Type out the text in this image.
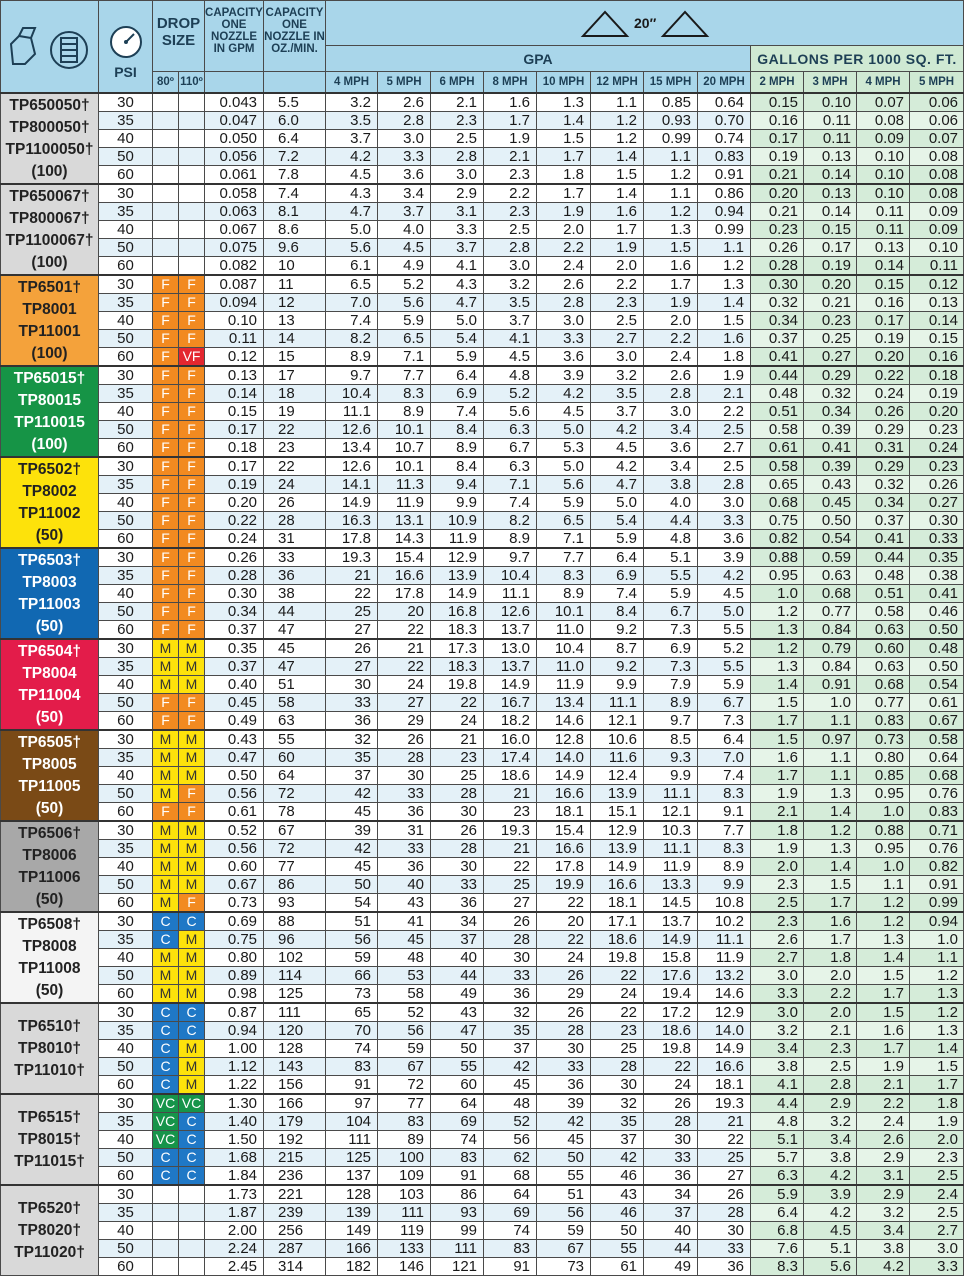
PSI	DROP SIZE		CAPACITY ONE NOZZLE IN GPM	CAPACITY ONE NOZZLE IN OZ./MIN.	20″											

						GPA								GALLONS PER 1000 SQ. FT.			
		80º	110º			4 MPH	5 MPH	6 MPH	8 MPH	10 MPH	12 MPH	15 MPH	20 MPH	2 MPH	3 MPH	4 MPH	5 MPH

TP650050†
TP800050†
TP1100050†
(100)	30			0.043	5.5	3.2	2.6	2.1	1.6	1.3	1.1	0.85	0.64	0.15	0.10	0.07	0.06
	35			0.047	6.0	3.5	2.8	2.3	1.7	1.4	1.2	0.93	0.70	0.16	0.11	0.08	0.06
	40			0.050	6.4	3.7	3.0	2.5	1.9	1.5	1.2	0.99	0.74	0.17	0.11	0.09	0.07
	50			0.056	7.2	4.2	3.3	2.8	2.1	1.7	1.4	1.1	0.83	0.19	0.13	0.10	0.08
	60			0.061	7.8	4.5	3.6	3.0	2.3	1.8	1.5	1.2	0.91	0.21	0.14	0.10	0.08

TP650067†
TP800067†
TP1100067†
(100)	30			0.058	7.4	4.3	3.4	2.9	2.2	1.7	1.4	1.1	0.86	0.20	0.13	0.10	0.08
	35			0.063	8.1	4.7	3.7	3.1	2.3	1.9	1.6	1.2	0.94	0.21	0.14	0.11	0.09
	40			0.067	8.6	5.0	4.0	3.3	2.5	2.0	1.7	1.3	0.99	0.23	0.15	0.11	0.09
	50			0.075	9.6	5.6	4.5	3.7	2.8	2.2	1.9	1.5	1.1	0.26	0.17	0.13	0.10
	60			0.082	10	6.1	4.9	4.1	3.0	2.4	2.0	1.6	1.2	0.28	0.19	0.14	0.11

TP6501†
TP8001
TP11001
(100)	30	F	F	0.087	11	6.5	5.2	4.3	3.2	2.6	2.2	1.7	1.3	0.30	0.20	0.15	0.12
	35	F	F	0.094	12	7.0	5.6	4.7	3.5	2.8	2.3	1.9	1.4	0.32	0.21	0.16	0.13
	40	F	F	0.10	13	7.4	5.9	5.0	3.7	3.0	2.5	2.0	1.5	0.34	0.23	0.17	0.14
	50	F	F	0.11	14	8.2	6.5	5.4	4.1	3.3	2.7	2.2	1.6	0.37	0.25	0.19	0.15
	60	F	VF	0.12	15	8.9	7.1	5.9	4.5	3.6	3.0	2.4	1.8	0.41	0.27	0.20	0.16

TP65015†
TP80015
TP110015
(100)	30	F	F	0.13	17	9.7	7.7	6.4	4.8	3.9	3.2	2.6	1.9	0.44	0.29	0.22	0.18
	35	F	F	0.14	18	10.4	8.3	6.9	5.2	4.2	3.5	2.8	2.1	0.48	0.32	0.24	0.19
	40	F	F	0.15	19	11.1	8.9	7.4	5.6	4.5	3.7	3.0	2.2	0.51	0.34	0.26	0.20
	50	F	F	0.17	22	12.6	10.1	8.4	6.3	5.0	4.2	3.4	2.5	0.58	0.39	0.29	0.23
	60	F	F	0.18	23	13.4	10.7	8.9	6.7	5.3	4.5	3.6	2.7	0.61	0.41	0.31	0.24

TP6502†
TP8002
TP11002
(50)	30	F	F	0.17	22	12.6	10.1	8.4	6.3	5.0	4.2	3.4	2.5	0.58	0.39	0.29	0.23
	35	F	F	0.19	24	14.1	11.3	9.4	7.1	5.6	4.7	3.8	2.8	0.65	0.43	0.32	0.26
	40	F	F	0.20	26	14.9	11.9	9.9	7.4	5.9	5.0	4.0	3.0	0.68	0.45	0.34	0.27
	50	F	F	0.22	28	16.3	13.1	10.9	8.2	6.5	5.4	4.4	3.3	0.75	0.50	0.37	0.30
	60	F	F	0.24	31	17.8	14.3	11.9	8.9	7.1	5.9	4.8	3.6	0.82	0.54	0.41	0.33

TP6503†
TP8003
TP11003
(50)	30	F	F	0.26	33	19.3	15.4	12.9	9.7	7.7	6.4	5.1	3.9	0.88	0.59	0.44	0.35
	35	F	F	0.28	36	21	16.6	13.9	10.4	8.3	6.9	5.5	4.2	0.95	0.63	0.48	0.38
	40	F	F	0.30	38	22	17.8	14.9	11.1	8.9	7.4	5.9	4.5	1.0	0.68	0.51	0.41
	50	F	F	0.34	44	25	20	16.8	12.6	10.1	8.4	6.7	5.0	1.2	0.77	0.58	0.46
	60	F	F	0.37	47	27	22	18.3	13.7	11.0	9.2	7.3	5.5	1.3	0.84	0.63	0.50

TP6504†
TP8004
TP11004
(50)	30	M	M	0.35	45	26	21	17.3	13.0	10.4	8.7	6.9	5.2	1.2	0.79	0.60	0.48
	35	M	M	0.37	47	27	22	18.3	13.7	11.0	9.2	7.3	5.5	1.3	0.84	0.63	0.50
	40	M	M	0.40	51	30	24	19.8	14.9	11.9	9.9	7.9	5.9	1.4	0.91	0.68	0.54
	50	F	F	0.45	58	33	27	22	16.7	13.4	11.1	8.9	6.7	1.5	1.0	0.77	0.61
	60	F	F	0.49	63	36	29	24	18.2	14.6	12.1	9.7	7.3	1.7	1.1	0.83	0.67

TP6505†
TP8005
TP11005
(50)	30	M	M	0.43	55	32	26	21	16.0	12.8	10.6	8.5	6.4	1.5	0.97	0.73	0.58
	35	M	M	0.47	60	35	28	23	17.4	14.0	11.6	9.3	7.0	1.6	1.1	0.80	0.64
	40	M	M	0.50	64	37	30	25	18.6	14.9	12.4	9.9	7.4	1.7	1.1	0.85	0.68
	50	M	F	0.56	72	42	33	28	21	16.6	13.9	11.1	8.3	1.9	1.3	0.95	0.76
	60	F	F	0.61	78	45	36	30	23	18.1	15.1	12.1	9.1	2.1	1.4	1.0	0.83

TP6506†
TP8006
TP11006
(50)	30	M	M	0.52	67	39	31	26	19.3	15.4	12.9	10.3	7.7	1.8	1.2	0.88	0.71
	35	M	M	0.56	72	42	33	28	21	16.6	13.9	11.1	8.3	1.9	1.3	0.95	0.76
	40	M	M	0.60	77	45	36	30	22	17.8	14.9	11.9	8.9	2.0	1.4	1.0	0.82
	50	M	M	0.67	86	50	40	33	25	19.9	16.6	13.3	9.9	2.3	1.5	1.1	0.91
	60	M	F	0.73	93	54	43	36	27	22	18.1	14.5	10.8	2.5	1.7	1.2	0.99

TP6508†
TP8008
TP11008
(50)	30	C	C	0.69	88	51	41	34	26	20	17.1	13.7	10.2	2.3	1.6	1.2	0.94
	35	C	M	0.75	96	56	45	37	28	22	18.6	14.9	11.1	2.6	1.7	1.3	1.0
	40	M	M	0.80	102	59	48	40	30	24	19.8	15.8	11.9	2.7	1.8	1.4	1.1
	50	M	M	0.89	114	66	53	44	33	26	22	17.6	13.2	3.0	2.0	1.5	1.2
	60	M	M	0.98	125	73	58	49	36	29	24	19.4	14.6	3.3	2.2	1.7	1.3

TP6510†
TP8010†
TP11010†	30	C	C	0.87	111	65	52	43	32	26	22	17.2	12.9	3.0	2.0	1.5	1.2
	35	C	C	0.94	120	70	56	47	35	28	23	18.6	14.0	3.2	2.1	1.6	1.3
	40	C	M	1.00	128	74	59	50	37	30	25	19.8	14.9	3.4	2.3	1.7	1.4
	50	C	M	1.12	143	83	67	55	42	33	28	22	16.6	3.8	2.5	1.9	1.5
	60	C	M	1.22	156	91	72	60	45	36	30	24	18.1	4.1	2.8	2.1	1.7

TP6515†
TP8015†
TP11015†	30	VC	VC	1.30	166	97	77	64	48	39	32	26	19.3	4.4	2.9	2.2	1.8
	35	VC	C	1.40	179	104	83	69	52	42	35	28	21	4.8	3.2	2.4	1.9
	40	VC	C	1.50	192	111	89	74	56	45	37	30	22	5.1	3.4	2.6	2.0
	50	C	C	1.68	215	125	100	83	62	50	42	33	25	5.7	3.8	2.9	2.3
	60	C	C	1.84	236	137	109	91	68	55	46	36	27	6.3	4.2	3.1	2.5

TP6520†
TP8020†
TP11020†	30			1.73	221	128	103	86	64	51	43	34	26	5.9	3.9	2.9	2.4
	35			1.87	239	139	111	93	69	56	46	37	28	6.4	4.2	3.2	2.5
	40			2.00	256	149	119	99	74	59	50	40	30	6.8	4.5	3.4	2.7
	50			2.24	287	166	133	111	83	67	55	44	33	7.6	5.1	3.8	3.0
	60			2.45	314	182	146	121	91	73	61	49	36	8.3	5.6	4.2	3.3
